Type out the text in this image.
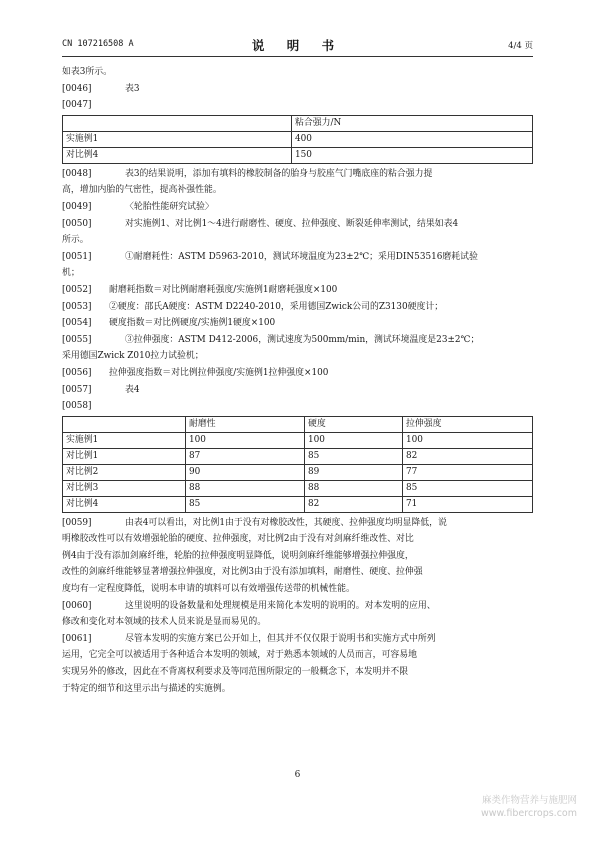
CN 107216508 A	说 明 书	4/4 页
如表3所示。
[0046]	表3
[0047]
	粘合强力/N
实施例1	400
对比例4	150
[0048]	表3的结果说明，添加有填料的橡胶制备的胎身与胶座气门嘴底座的粘合强力提
高，增加内胎的气密性，提高补强性能。
[0049]	〈轮胎性能研究试验〉
[0050]	对实施例1、对比例1～4进行耐磨性、硬度、拉伸强度、断裂延伸率测试，结果如表4
所示。
[0051]	①耐磨耗性：ASTM D5963-2010，测试环境温度为23±2℃；采用DIN53516磨耗试验
机；
[0052] 耐磨耗指数＝对比例耐磨耗强度/实施例1耐磨耗强度×100
[0053] ②硬度：邵氏A硬度：ASTM D2240-2010，采用德国Zwick公司的Z3130硬度计；
[0054] 硬度指数＝对比例硬度/实施例1硬度×100
[0055]	③拉伸强度：ASTM D412-2006，测试速度为500mm/min，测试环境温度是23±2℃；
采用德国Zwick Z010拉力试验机；
[0056] 拉伸强度指数＝对比例拉伸强度/实施例1拉伸强度×100
[0057]	表4
[0058]
	耐磨性	硬度	拉伸强度
实施例1	100	100	100
对比例1	87	85	82
对比例2	90	89	77
对比例3	88	88	85
对比例4	85	82	71
[0059]	由表4可以看出，对比例1由于没有对橡胶改性，其硬度、拉伸强度均明显降低，说
明橡胶改性可以有效增强轮胎的硬度、拉伸强度，对比例2由于没有对剑麻纤维改性、对比
例4由于没有添加剑麻纤维，轮胎的拉伸强度明显降低，说明剑麻纤维能够增强拉伸强度，
改性的剑麻纤维能够显著增强拉伸强度，对比例3由于没有添加填料，耐磨性、硬度、拉伸强
度均有一定程度降低，说明本申请的填料可以有效增强传送带的机械性能。
[0060]	这里说明的设备数量和处理规模是用来简化本发明的说明的。对本发明的应用、
修改和变化对本领域的技术人员来说是显而易见的。
[0061]	尽管本发明的实施方案已公开如上，但其并不仅仅限于说明书和实施方式中所列
运用，它完全可以被适用于各种适合本发明的领域，对于熟悉本领域的人员而言，可容易地
实现另外的修改，因此在不背离权利要求及等同范围所限定的一般概念下，本发明并不限
于特定的细节和这里示出与描述的实施例。
6
麻类作物营养与施肥网
www.fibercrops.com
